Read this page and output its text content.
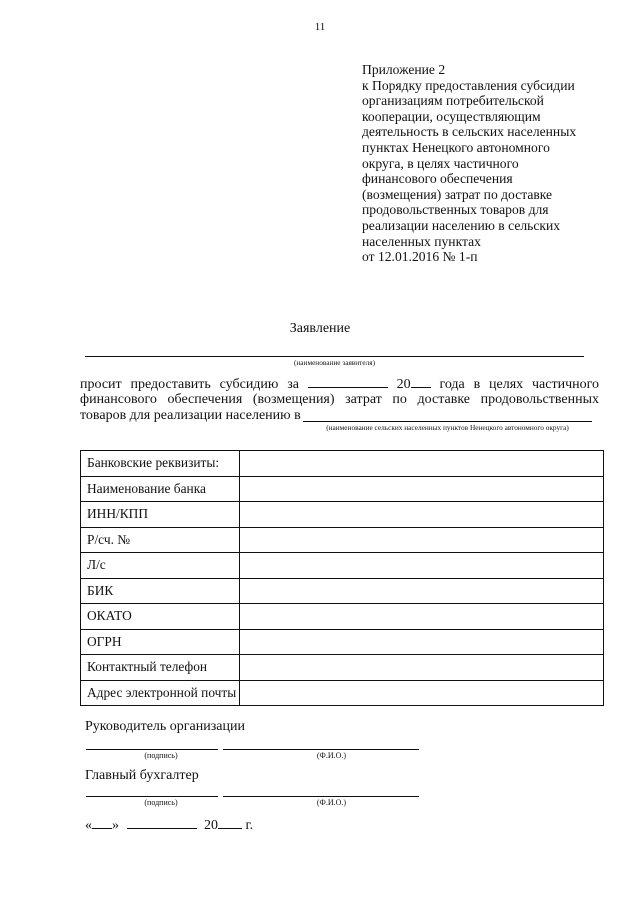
11
Приложение 2
к Порядку предоставления субсидии
организациям потребительской
кооперации, осуществляющим
деятельность в сельских населенных
пунктах Ненецкого автономного
округа, в целях частичного
финансового обеспечения
(возмещения) затрат по доставке
продовольственных товаров для
реализации населению в сельских
населенных пунктах
от 12.01.2016 № 1-п
Заявление
(наименование заявителя)
просит предоставить субсидию за	20 года в целях частичного
финансового обеспечения (возмещения) затрат по доставке продовольственных
товаров для реализации населению в
(наименование сельских населенных пунктов Ненецкого автономного округа)
Банковские реквизиты:	
Наименование банка	
ИНН/КПП	
Р/сч. №	
Л/с	
БИК	
ОКАТО	
ОГРН	
Контактный телефон	
Адрес электронной почты	
Руководитель организации
(подпись)	(Ф.И.О.)
Главный бухгалтер
(подпись)	(Ф.И.О.)
« »	20 г.
